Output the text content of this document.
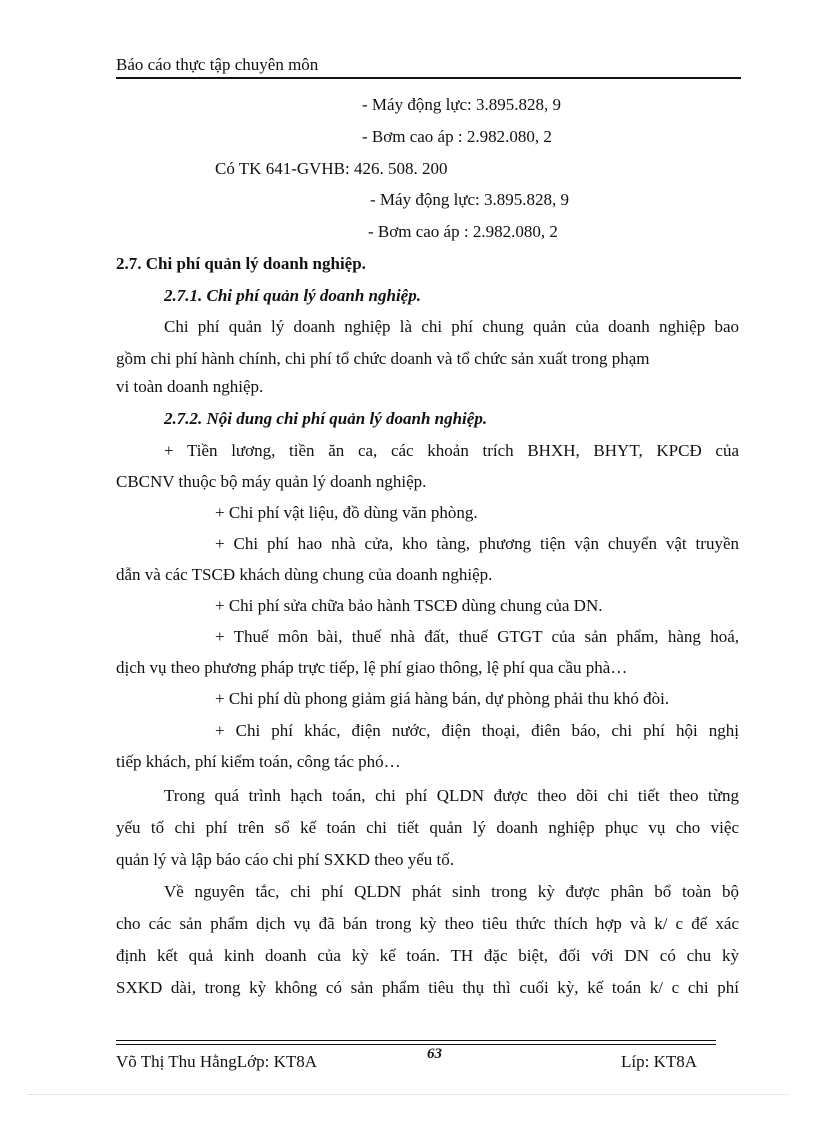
Báo cáo thực tập chuyên môn
- Máy động lực: 3.895.828, 9
- Bơm cao áp : 2.982.080, 2
Có TK 641-GVHB: 426. 508. 200
- Máy động lực: 3.895.828, 9
- Bơm cao áp : 2.982.080, 2
2.7. Chi phí quản lý doanh nghiệp.
2.7.1. Chi phí quản lý doanh nghiệp.
Chi phí quản lý doanh nghiệp là chi phí chung quản của doanh nghiệp bao
gồm chi phí hành chính, chi phí tổ chức doanh và tổ chức sản xuất trong phạm
vi toàn doanh nghiệp.
2.7.2. Nội dung chi phí quản lý doanh nghiệp.
+ Tiền lương, tiền ăn ca, các khoản trích BHXH, BHYT, KPCĐ của
CBCNV thuộc bộ máy quản lý doanh nghiệp.
+ Chi phí vật liệu, đồ dùng văn phòng.
+ Chi phí hao nhà cửa, kho tàng, phương tiện vận chuyển vật truyền
dẫn và các TSCĐ khách dùng chung của doanh nghiệp.
+ Chi phí sửa chữa bảo hành TSCĐ dùng chung của DN.
+ Thuế môn bài, thuế nhà đất, thuế GTGT của sản phẩm, hàng hoá,
dịch vụ theo phương pháp trực tiếp, lệ phí giao thông, lệ phí qua cầu phà…
+ Chi phí dù phong giảm giá hàng bán, dự phòng phải thu khó đòi.
+ Chi phí khác, điện nước, điện thoại, điên báo, chi phí hội nghị
tiếp khách, phí kiểm toán, công tác phó…
Trong quá trình hạch toán, chi phí QLDN được theo dõi chi tiết theo từng
yếu tố chi phí trên sổ kế toán chi tiết quản lý doanh nghiệp phục vụ cho việc
quản lý và lập báo cáo chi phí SXKD theo yếu tố.
Về nguyên tắc, chi phí QLDN phát sinh trong kỳ được phân bổ toàn bộ
cho các sản phẩm dịch vụ đã bán trong kỳ theo tiêu thức thích hợp và k/ c để xác
định kết quả kinh doanh của kỳ kế toán. TH đặc biệt, đối với DN có chu kỳ
SXKD dài, trong kỳ không có sản phẩm tiêu thụ thì cuối kỳ, kế toán k/ c chi phí
63
Võ Thị Thu HằngLớp: KT8A	Líp: KT8A
